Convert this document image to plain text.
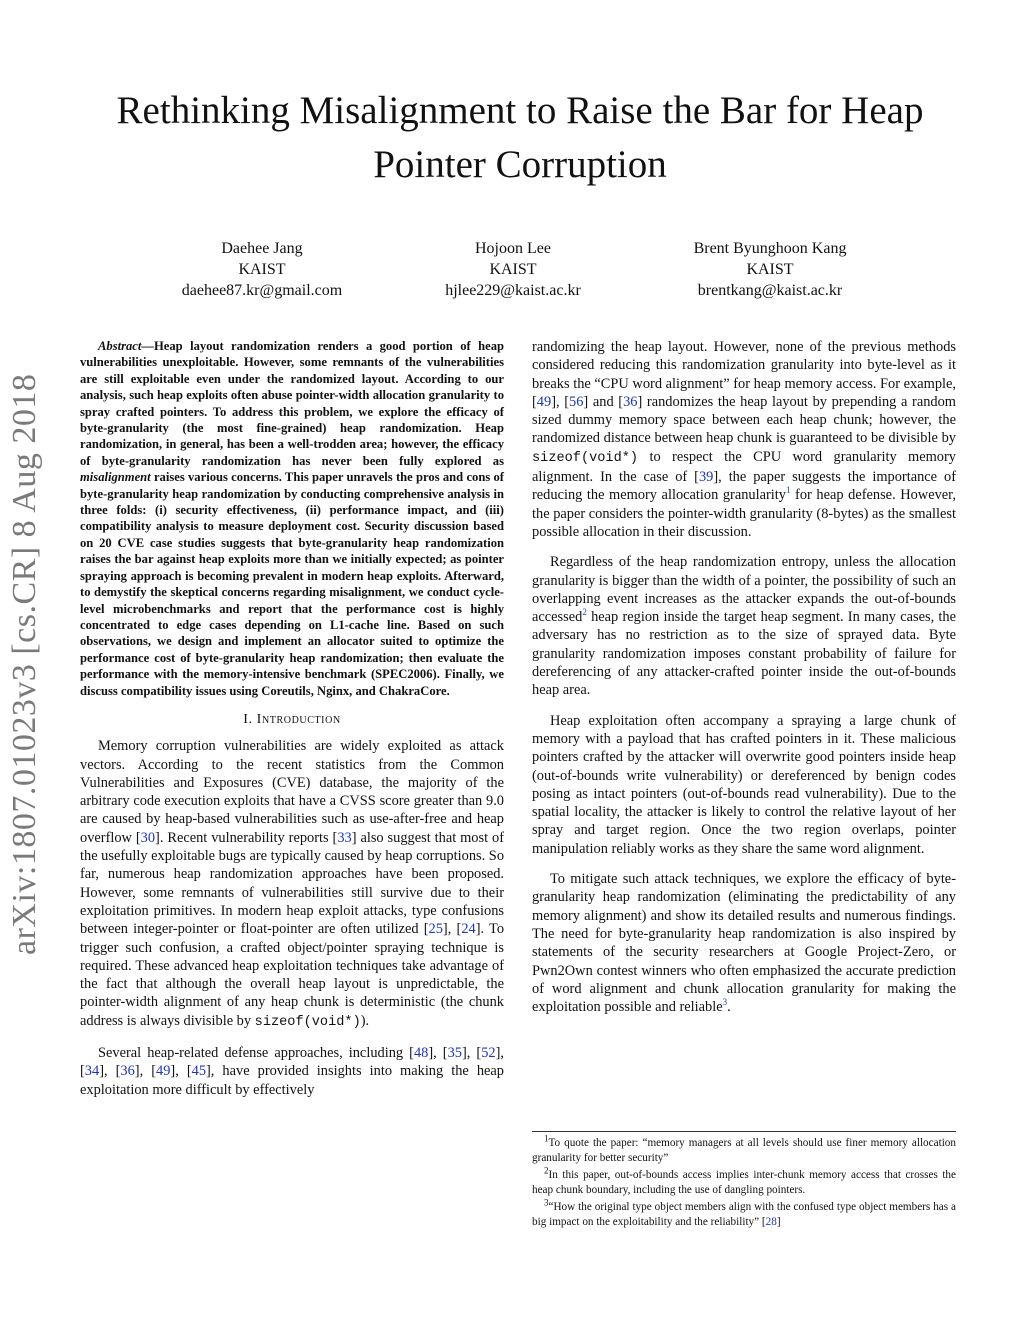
Rethinking Misalignment to Raise the Bar for Heap Pointer Corruption
Daehee Jang
KAIST
daehee87.kr@gmail.com
Hojoon Lee
KAIST
hjlee229@kaist.ac.kr
Brent Byunghoon Kang
KAIST
brentkang@kaist.ac.kr
arXiv:1807.01023v3 [cs.CR] 8 Aug 2018

Abstract—Heap layout randomization renders a good portion of heap vulnerabilities unexploitable. However, some remnants of the vulnerabilities are still exploitable even under the randomized layout. According to our analysis, such heap exploits often abuse pointer-width allocation granularity to spray crafted pointers. To address this problem, we explore the efficacy of byte-granularity (the most fine-grained) heap randomization. Heap randomization, in general, has been a well-trodden area; however, the efficacy of byte-granularity randomization has never been fully explored as misalignment raises various concerns. This paper unravels the pros and cons of byte-granularity heap randomization by conducting comprehensive analysis in three folds: (i) security effectiveness, (ii) performance impact, and (iii) compatibility analysis to measure deployment cost. Security discussion based on 20 CVE case studies suggests that byte-granularity heap randomization raises the bar against heap exploits more than we initially expected; as pointer spraying approach is becoming prevalent in modern heap exploits. Afterward, to demystify the skeptical concerns regarding misalignment, we conduct cycle-level microbenchmarks and report that the performance cost is highly concentrated to edge cases depending on L1-cache line. Based on such observations, we design and implement an allocator suited to optimize the performance cost of byte-granularity heap randomization; then evaluate the performance with the memory-intensive benchmark (SPEC2006). Finally, we discuss compatibility issues using Coreutils, Nginx, and ChakraCore.

I. Introduction

Memory corruption vulnerabilities are widely exploited as attack vectors. According to the recent statistics from the Common Vulnerabilities and Exposures (CVE) database, the majority of the arbitrary code execution exploits that have a CVSS score greater than 9.0 are caused by heap-based vulnerabilities such as use-after-free and heap overflow [30]. Recent vulnerability reports [33] also suggest that most of the usefully exploitable bugs are typically caused by heap corruptions. So far, numerous heap randomization approaches have been proposed. However, some remnants of vulnerabilities still survive due to their exploitation primitives. In modern heap exploit attacks, type confusions between integer-pointer or float-pointer are often utilized [25], [24]. To trigger such confusion, a crafted object/pointer spraying technique is required. These advanced heap exploitation techniques take advantage of the fact that although the overall heap layout is unpredictable, the pointer-width alignment of any heap chunk is deterministic (the chunk address is always divisible by sizeof(void*)).

Several heap-related defense approaches, including [48], [35], [52], [34], [36], [49], [45], have provided insights into making the heap exploitation more difficult by effectively

randomizing the heap layout. However, none of the previous methods considered reducing this randomization granularity into byte-level as it breaks the “CPU word alignment” for heap memory access. For example, [49], [56] and [36] randomizes the heap layout by prepending a random sized dummy memory space between each heap chunk; however, the randomized distance between heap chunk is guaranteed to be divisible by sizeof(void*) to respect the CPU word granularity memory alignment. In the case of [39], the paper suggests the importance of reducing the memory allocation granularity$^1$ for heap defense. However, the paper considers the pointer-width granularity (8-bytes) as the smallest possible allocation in their discussion.

Regardless of the heap randomization entropy, unless the allocation granularity is bigger than the width of a pointer, the possibility of such an overlapping event increases as the attacker expands the out-of-bounds accessed$^2$ heap region inside the target heap segment. In many cases, the adversary has no restriction as to the size of sprayed data. Byte granularity randomization imposes constant probability of failure for dereferencing of any attacker-crafted pointer inside the out-of-bounds heap area.

Heap exploitation often accompany a spraying a large chunk of memory with a payload that has crafted pointers in it. These malicious pointers crafted by the attacker will overwrite good pointers inside heap (out-of-bounds write vulnerability) or dereferenced by benign codes posing as intact pointers (out-of-bounds read vulnerability). Due to the spatial locality, the attacker is likely to control the relative layout of her spray and target region. Once the two region overlaps, pointer manipulation reliably works as they share the same word alignment.

To mitigate such attack techniques, we explore the efficacy of byte-granularity heap randomization (eliminating the predictability of any memory alignment) and show its detailed results and numerous findings. The need for byte-granularity heap randomization is also inspired by statements of the security researchers at Google Project-Zero, or Pwn2Own contest winners who often emphasized the accurate prediction of word alignment and chunk allocation granularity for making the exploitation possible and reliable$^3$.

$^1$To quote the paper: “memory managers at all levels should use finer memory allocation granularity for better security”

$^2$In this paper, out-of-bounds access implies inter-chunk memory access that crosses the heap chunk boundary, including the use of dangling pointers.

$^3$“How the original type object members align with the confused type object members has a big impact on the exploitability and the reliability” [28]
